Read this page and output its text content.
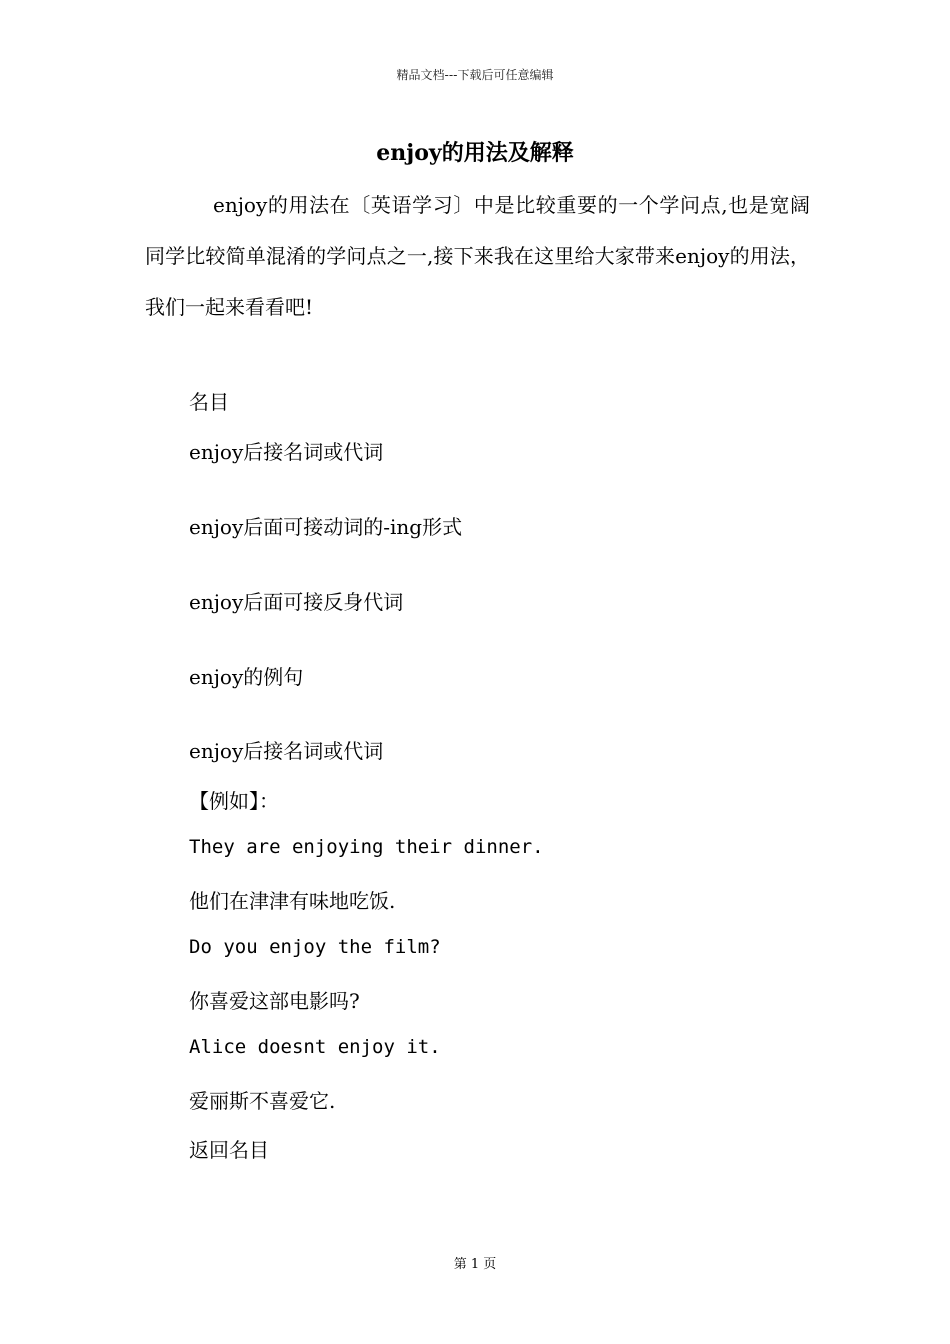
精品文档---下载后可任意编辑
enjoy的用法及解释

enjoy的用法在〔英语学习〕中是比较重要的一个学问点,也是宽阔同学比较简单混淆的学问点之一,接下来我在这里给大家带来enjoy的用法，我们一起来看看吧!

名目

enjoy后接名词或代词

enjoy后面可接动词的-ing形式

enjoy后面可接反身代词

enjoy的例句

enjoy后接名词或代词

【例如】：

They are enjoying their dinner.

他们在津津有味地吃饭.

Do you enjoy the film?

你喜爱这部电影吗?

Alice doesnt enjoy it.

爱丽斯不喜爱它.

返回名目

第 1 页
